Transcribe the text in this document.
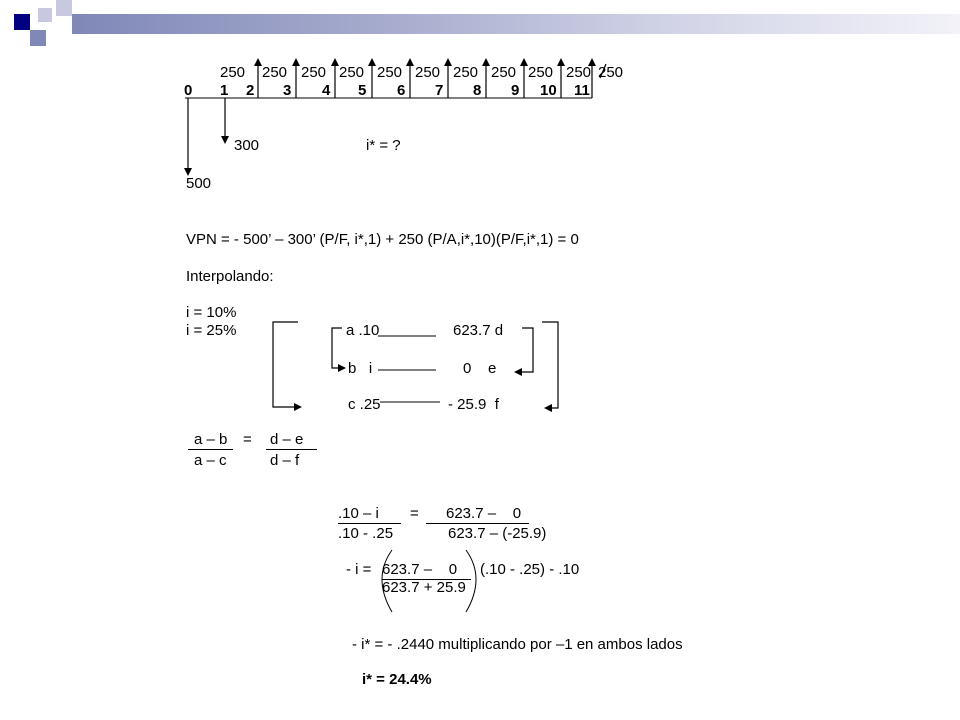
250 250 250 250 250 250 250 250 250 250 250
0 1 2 3 4 5 6 7 8 9 10 11
300	i* = ?
500
VPN = - 500’ – 300’ (P/F, i*,1) + 250 (P/A,i*,10)(P/F,i*,1) = 0
Interpolando:
i = 10%
i = 25%	a .10	623.7 d
b   i	0    e
c .25	- 25.9  f
a – b	= d – e
a – c	d – f
.10 – i	=	623.7 –    0
.10 - .25	623.7 – (-25.9)
- i = 623.7 –    0	(.10 - .25) - .10
623.7 + 25.9
- i* = - .2440 multiplicando por –1 en ambos lados
i* = 24.4%
